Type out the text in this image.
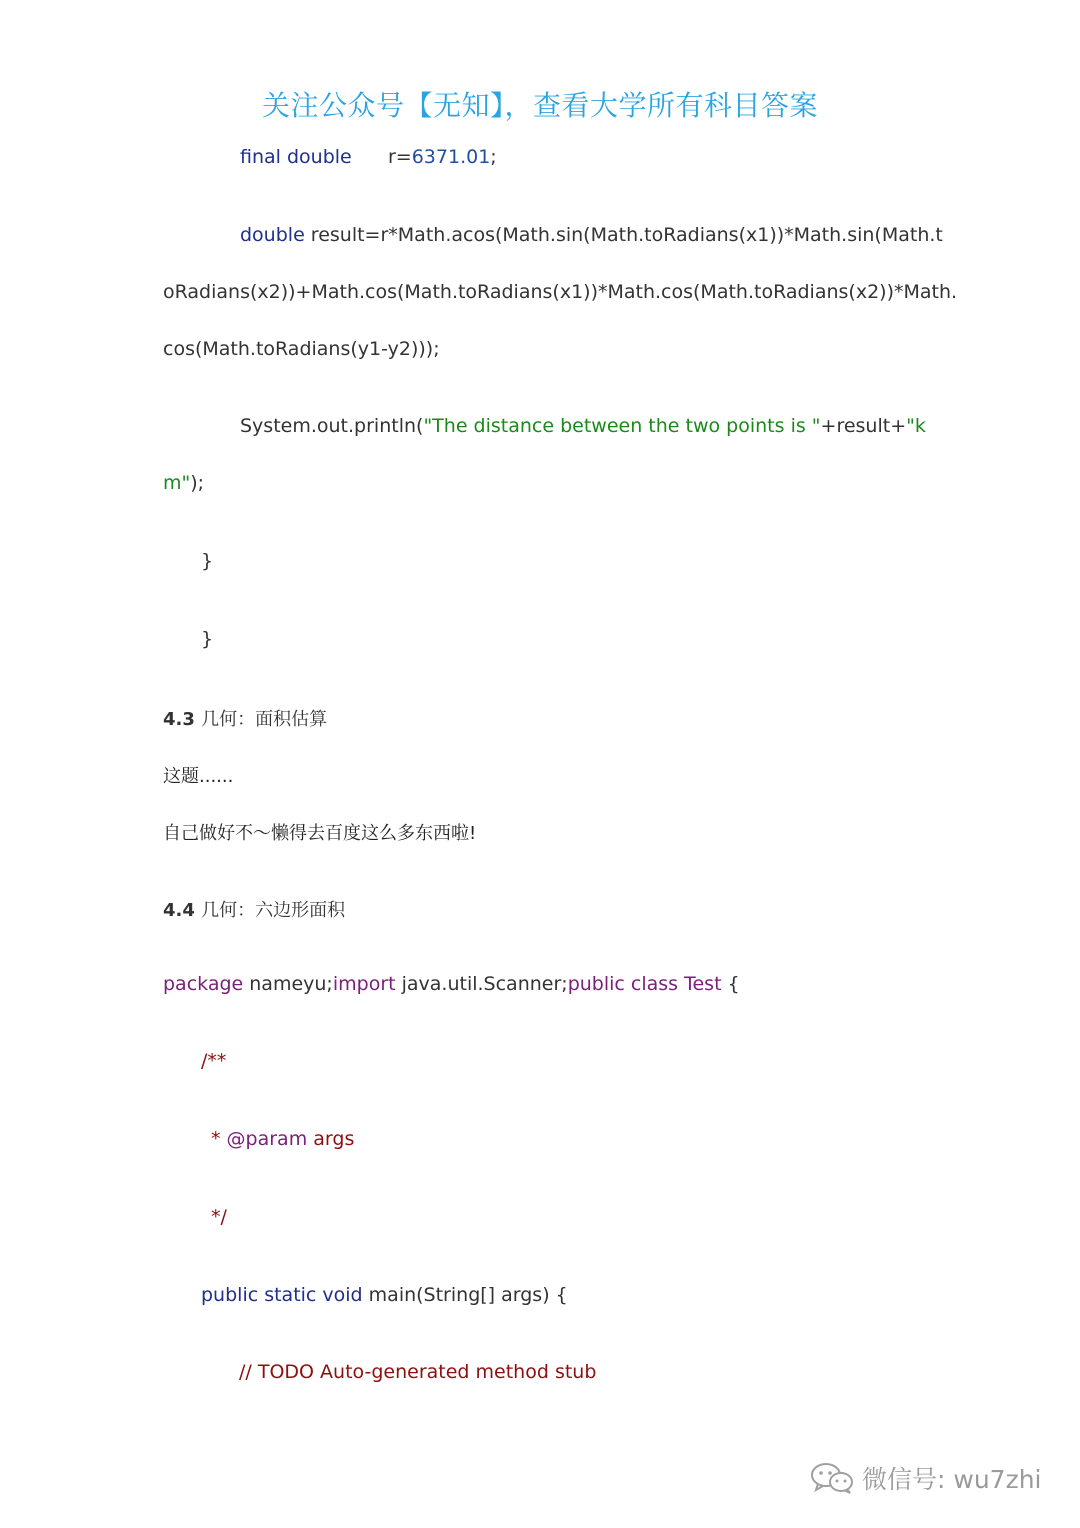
关注公众号【无知】，查看大学所有科目答案
final double r=6371.01;
double result=r*Math.acos(Math.sin(Math.toRadians(x1))*Math.sin(Math.t
oRadians(x2))+Math.cos(Math.toRadians(x1))*Math.cos(Math.toRadians(x2))*Math.
cos(Math.toRadians(y1-y2)));
System.out.println("The distance between the two points is "+result+"k
m");
}
}
4.3 几何：面积估算
这题......
自己做好不～懒得去百度这么多东西啦!
4.4 几何：六边形面积
package nameyu;import java.util.Scanner;public class Test {
/**
* @param args
*/
public static void main(String[] args) {
// TODO Auto-generated method stub
微信号: wu7zhi
